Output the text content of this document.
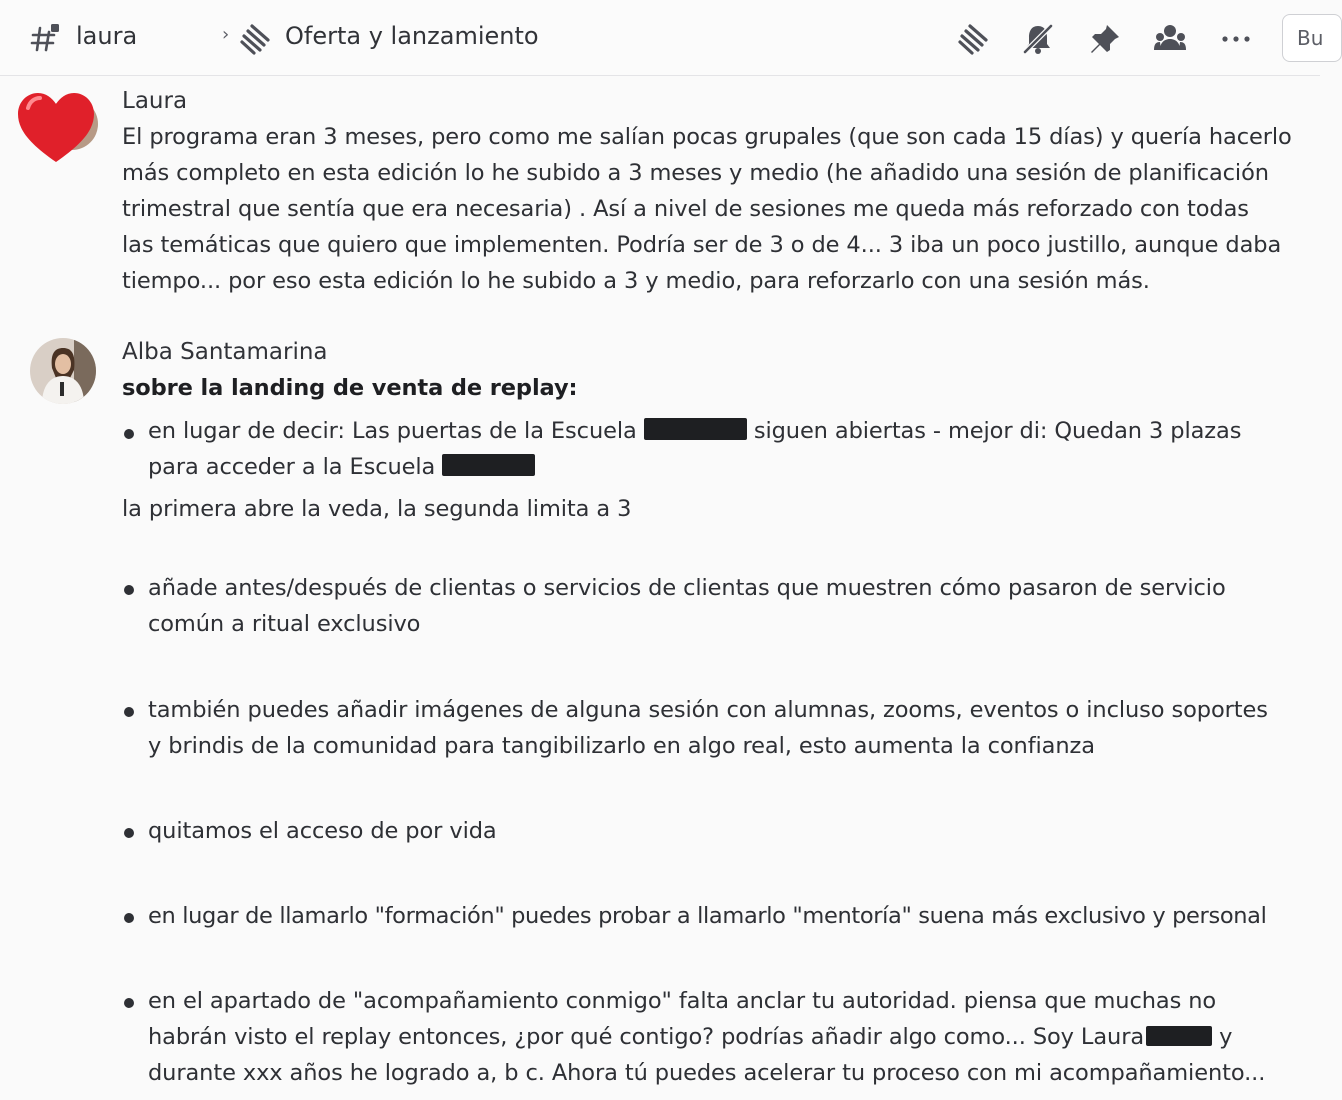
laura	› Oferta y lanzamiento	Bu
Laura
El programa eran 3 meses, pero como me salían pocas grupales (que son cada 15 días) y quería hacerlo
más completo en esta edición lo he subido a 3 meses y medio (he añadido una sesión de planificación
trimestral que sentía que era necesaria) . Así a nivel de sesiones me queda más reforzado con todas
las temáticas que quiero que implementen. Podría ser de 3 o de 4... 3 iba un poco justillo, aunque daba
tiempo... por eso esta edición lo he subido a 3 y medio, para reforzarlo con una sesión más.
Alba Santamarina
sobre la landing de venta de replay:
en lugar de decir: Las puertas de la Escuela	siguen abiertas - mejor di: Quedan 3 plazas
para acceder a la Escuela
la primera abre la veda, la segunda limita a 3
añade antes/después de clientas o servicios de clientas que muestren cómo pasaron de servicio
común a ritual exclusivo
también puedes añadir imágenes de alguna sesión con alumnas, zooms, eventos o incluso soportes
y brindis de la comunidad para tangibilizarlo en algo real, esto aumenta la confianza
quitamos el acceso de por vida
en lugar de llamarlo "formación" puedes probar a llamarlo "mentoría" suena más exclusivo y personal
en el apartado de "acompañamiento conmigo" falta anclar tu autoridad. piensa que muchas no
habrán visto el replay entonces, ¿por qué contigo? podrías añadir algo como... Soy Laura	y
durante xxx años he logrado a, b c. Ahora tú puedes acelerar tu proceso con mi acompañamiento...
